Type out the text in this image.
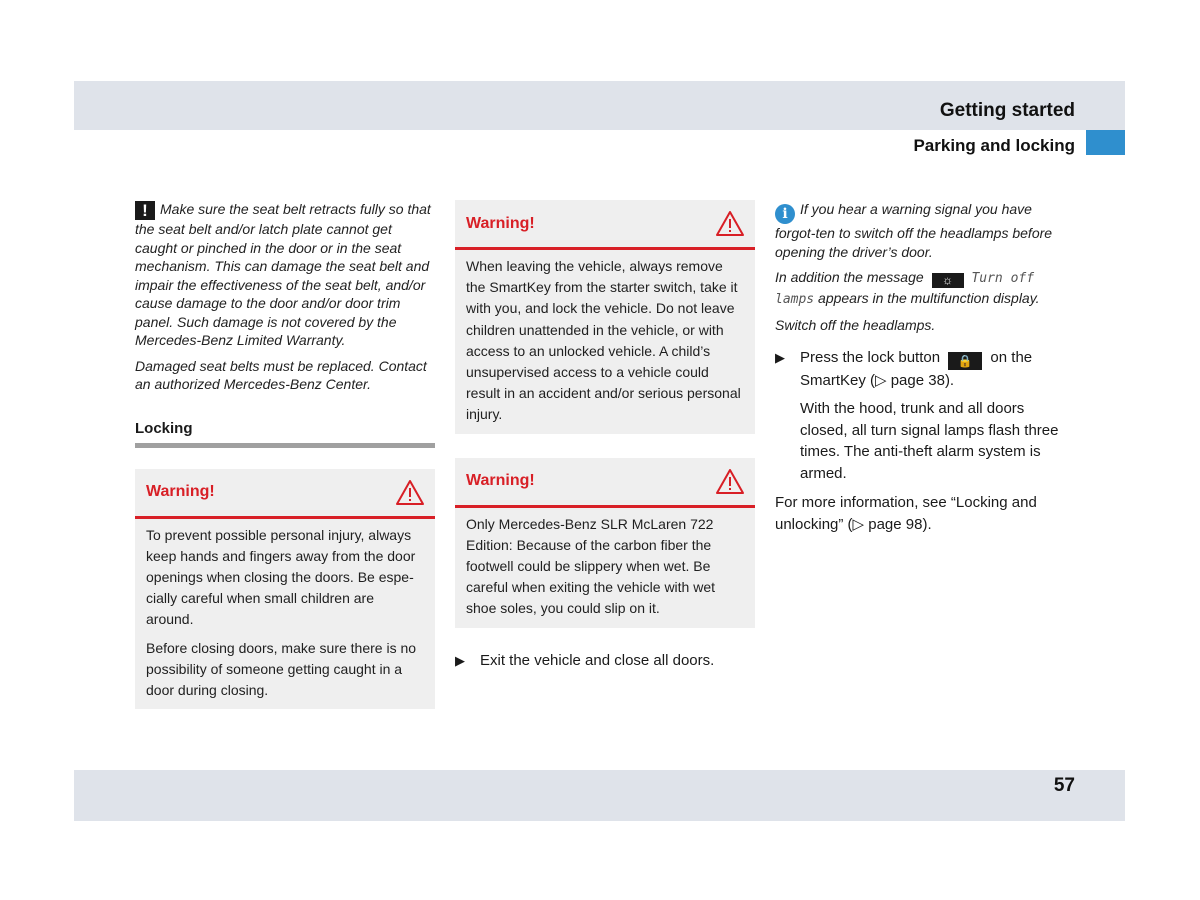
Getting started
Parking and locking

! Make sure the seat belt retracts fully so that the seat belt and/or latch plate cannot get caught or pinched in the door or in the seat mechanism. This can damage the seat belt and impair the effectiveness of the seat belt, and/or cause damage to the door and/or door trim panel. Such damage is not covered by the Mercedes-Benz Limited Warranty.

Damaged seat belts must be replaced. Contact an authorized Mercedes-Benz Center.

Locking
Warning!

To prevent possible personal injury, always keep hands and fingers away from the door openings when closing the doors. Be espe-cially careful when small children are around.

Before closing doors, make sure there is no possibility of someone getting caught in a door during closing.

Warning!

When leaving the vehicle, always remove the SmartKey from the starter switch, take it with you, and lock the vehicle. Do not leave children unattended in the vehicle, or with access to an unlocked vehicle. A child’s unsupervised access to a vehicle could result in an accident and/or serious personal injury.

Warning!

Only Mercedes-Benz SLR McLaren 722 Edition: Because of the carbon fiber the footwell could be slippery when wet. Be careful when exiting the vehicle with wet shoe soles, you could slip on it.

▶	Exit the vehicle and close all doors.

i If you hear a warning signal you have forgot-ten to switch off the headlamps before opening the driver’s door.

In addition the message ☼ Turn off lamps appears in the multifunction display.

Switch off the headlamps.

▶	Press the lock button 🔒 on the SmartKey (▷ page 38).

With the hood, trunk and all doors closed, all turn signal lamps flash three times. The anti-theft alarm system is armed.

For more information, see “Locking and unlocking” (▷ page 98).

57
